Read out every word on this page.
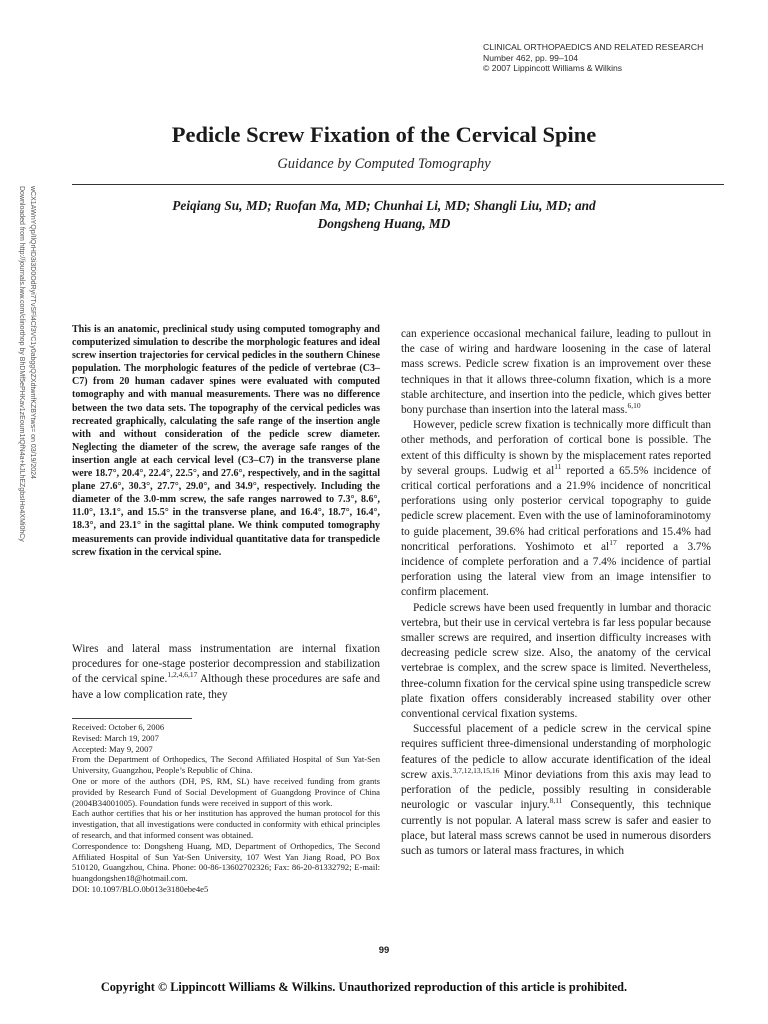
CLINICAL ORTHOPAEDICS AND RELATED RESEARCH
Number 462, pp. 99–104
© 2007 Lippincott Williams & Wilkins
Pedicle Screw Fixation of the Cervical Spine
Guidance by Computed Tomography
Peiqiang Su, MD; Ruofan Ma, MD; Chunhai Li, MD; Shangli Liu, MD; and
Dongsheng Huang, MD
Downloaded from http://journals.lww.com/clinorthop by BhDMf5ePHKav1zEoum1tQfN4a+kJLhEZgbsIHo4XMi0hCy wCX1AWnYQp/IlQrHD3i3D0OdRyi7TvSFl4Cf3VC1y0abggQZXdtwnfKZBYtws= on 03/19/2024	This is an anatomic, preclinical study using computed tomography and computerized simulation to describe the morphologic features and ideal screw insertion trajectories for cervical pedicles in the southern Chinese population. The morphologic features of the pedicle of vertebrae (C3–C7) from 20 human cadaver spines were evaluated with computed tomography and with manual measurements. There was no difference between the two data sets. The topography of the cervical pedicles was recreated graphically, calculating the safe range of the insertion angle with and without consideration of the pedicle screw diameter. Neglecting the diameter of the screw, the average safe ranges of the insertion angle at each cervical level (C3–C7) in the transverse plane were 18.7°, 20.4°, 22.4°, 22.5°, and 27.6°, respectively, and in the sagittal plane 27.6°, 30.3°, 27.7°, 29.0°, and 34.9°, respectively. Including the diameter of the 3.0-mm screw, the safe ranges narrowed to 7.3°, 8.6°, 11.0°, 13.1°, and 15.5° in the transverse plane, and 16.4°, 18.7°, 16.4°, 18.3°, and 23.1° in the sagittal plane. We think computed tomography measurements can provide individual quantitative data for transpedicle screw fixation in the cervical spine.

Wires and lateral mass instrumentation are internal fixation procedures for one-stage posterior decompression and stabilization of the cervical spine.$^{1,2,4,6,17}$ Although these procedures are safe and have a low complication rate, they

Received: October 6, 2006
Revised: March 19, 2007
Accepted: May 9, 2007
From the Department of Orthopedics, The Second Affiliated Hospital of Sun Yat-Sen University, Guangzhou, People’s Republic of China.
One or more of the authors (DH, PS, RM, SL) have received funding from grants provided by Research Fund of Social Development of Guangdong Province of China (2004B34001005). Foundation funds were received in support of this work.
Each author certifies that his or her institution has approved the human protocol for this investigation, that all investigations were conducted in conformity with ethical principles of research, and that informed consent was obtained.
Correspondence to: Dongsheng Huang, MD, Department of Orthopedics, The Second Affiliated Hospital of Sun Yat-Sen University, 107 West Yan Jiang Road, PO Box 510120, Guangzhou, China. Phone: 00-86-13602702326; Fax: 86-20-81332792; E-mail: huangdongshen18@hotmail.com.
DOI: 10.1097/BLO.0b013e3180ebe4e5

can experience occasional mechanical failure, leading to pullout in the case of wiring and hardware loosening in the case of lateral mass screws. Pedicle screw fixation is an improvement over these techniques in that it allows three-column fixation, which is a more stable architecture, and insertion into the pedicle, which gives better bony purchase than insertion into the lateral mass.$^{6,10}$

However, pedicle screw fixation is technically more difficult than other methods, and perforation of cortical bone is possible. The extent of this difficulty is shown by the misplacement rates reported by several groups. Ludwig et $al^{11}$ reported a 65.5% incidence of critical cortical perforations and a 21.9% incidence of noncritical perforations using only posterior cervical topography to guide pedicle screw placement. Even with the use of laminoforaminotomy to guide placement, 39.6% had critical perforations and 15.4% had noncritical perforations. Yoshimoto et $al^{17}$ reported a 3.7% incidence of complete perforation and a 7.4% incidence of partial perforation using the lateral view from an image intensifier to confirm placement.

Pedicle screws have been used frequently in lumbar and thoracic vertebra, but their use in cervical vertebra is far less popular because smaller screws are required, and insertion difficulty increases with decreasing pedicle screw size. Also, the anatomy of the cervical vertebrae is complex, and the screw space is limited. Nevertheless, three-column fixation for the cervical spine using transpedicle screw plate fixation offers considerably increased stability over other conventional cervical fixation systems.

Successful placement of a pedicle screw in the cervical spine requires sufficient three-dimensional understanding of morphologic features of the pedicle to allow accurate identification of the ideal screw axis.$^{3,7,12,13,15,16}$ Minor deviations from this axis may lead to perforation of the pedicle, possibly resulting in considerable neurologic or vascular injury.$^{8,11}$ Consequently, this technique currently is not popular. A lateral mass screw is safer and easier to place, but lateral mass screws cannot be used in numerous disorders such as tumors or lateral mass fractures, in which

99
Copyright © Lippincott Williams & Wilkins. Unauthorized reproduction of this article is prohibited.
